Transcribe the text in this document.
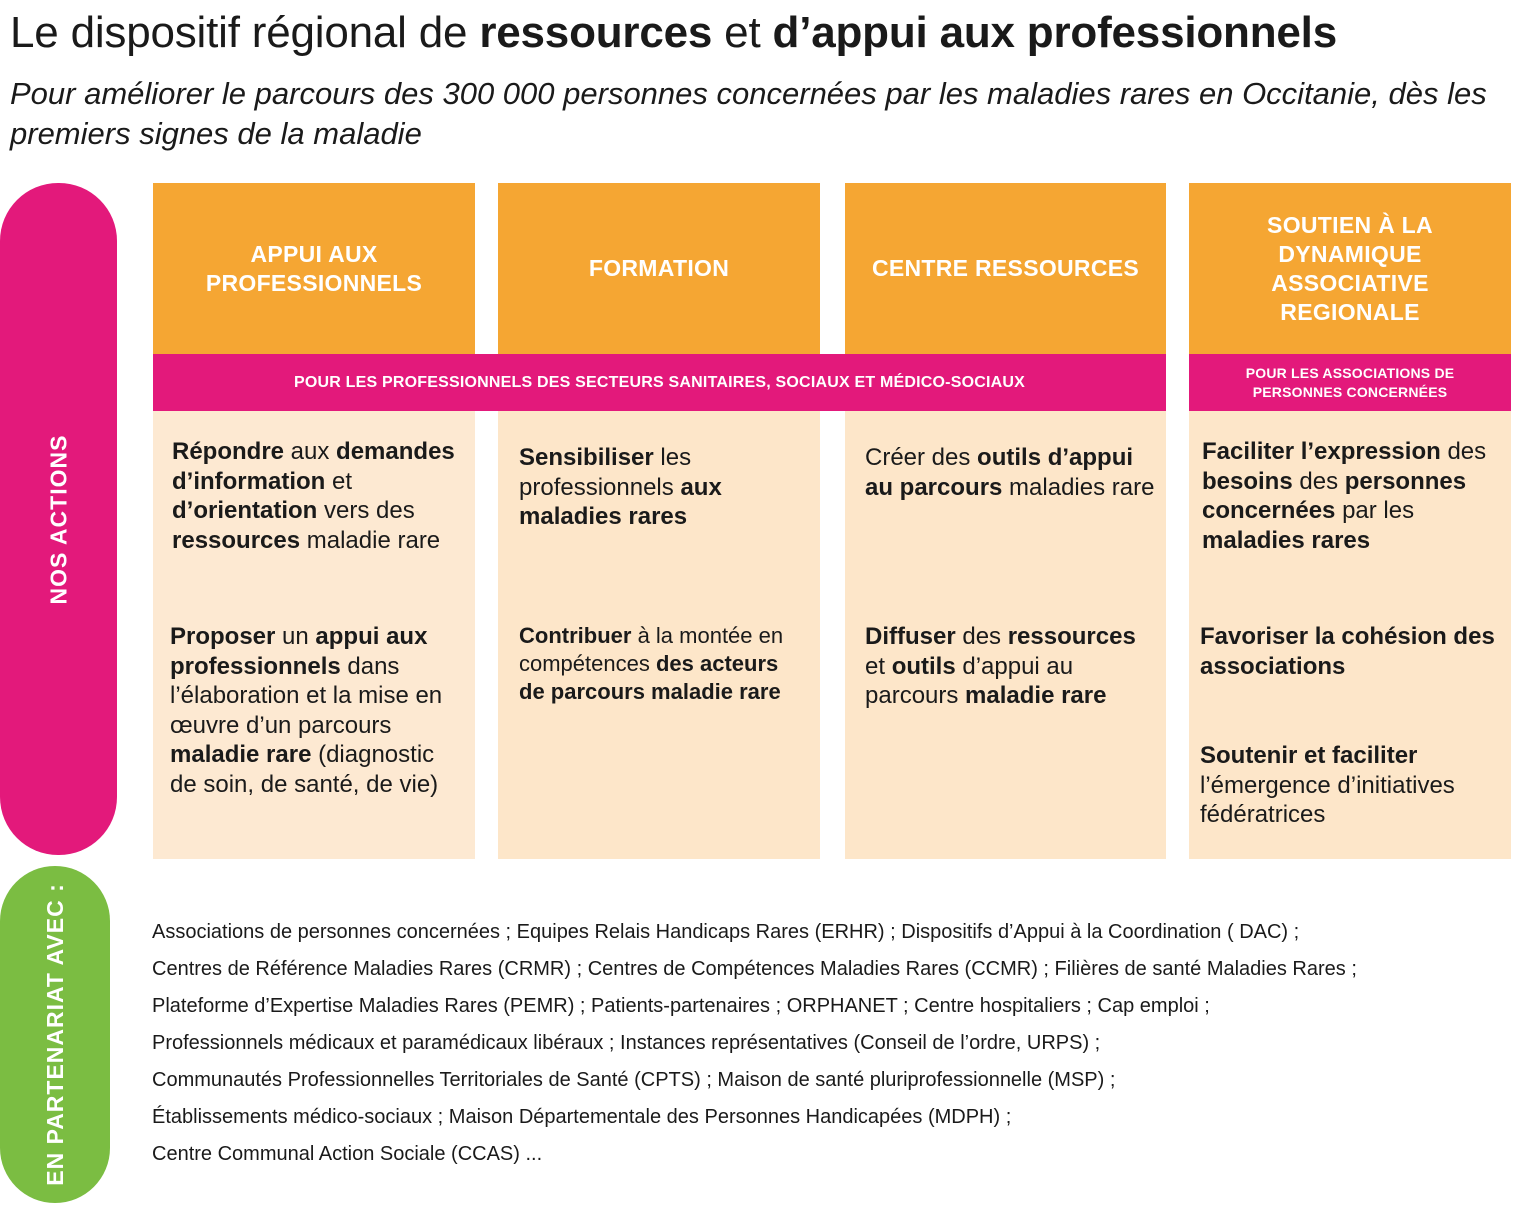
Le dispositif régional de ressources et d’appui aux professionnels
Pour améliorer le parcours des 300 000 personnes concernées par les maladies rares en Occitanie, dès les premiers signes de la maladie
NOS ACTIONS
EN PARTENARIAT AVEC :
APPUI AUX PROFESSIONNELS
FORMATION	CENTRE RESSOURCES
SOUTIEN À LA DYNAMIQUE ASSOCIATIVE REGIONALE
POUR LES PROFESSIONNELS DES SECTEURS SANITAIRES, SOCIAUX ET MÉDICO-SOCIAUX
POUR LES ASSOCIATIONS DE PERSONNES CONCERNÉES
Répondre aux demandes d’information et d’orientation vers des ressources maladie rare
Proposer un appui aux professionnels dans l’élaboration et la mise en œuvre d’un parcours maladie rare (diagnostic de soin, de santé, de vie)
Sensibiliser les professionnels aux maladies rares
Contribuer à la montée en compétences des acteurs de parcours maladie rare
Créer des outils d’appui au parcours maladies rare
Diffuser des ressources et outils d’appui au parcours maladie rare
Faciliter l’expression des besoins des personnes concernées par les maladies rares
Favoriser la cohésion des associations
Soutenir et faciliter l’émergence d’initiatives fédératrices
Associations de personnes concernées ; Equipes Relais Handicaps Rares (ERHR) ; Dispositifs d’Appui à la Coordination ( DAC) ;
Centres de Référence Maladies Rares (CRMR) ; Centres de Compétences Maladies Rares (CCMR) ; Filières de santé Maladies Rares ;
Plateforme d’Expertise Maladies Rares (PEMR) ; Patients-partenaires ; ORPHANET ; Centre hospitaliers ; Cap emploi ;
Professionnels médicaux et paramédicaux libéraux ; Instances représentatives (Conseil de l’ordre, URPS) ;
Communautés Professionnelles Territoriales de Santé (CPTS) ; Maison de santé pluriprofessionnelle (MSP) ;
Établissements médico-sociaux ; Maison Départementale des Personnes Handicapées (MDPH) ;
Centre Communal Action Sociale (CCAS) ...
